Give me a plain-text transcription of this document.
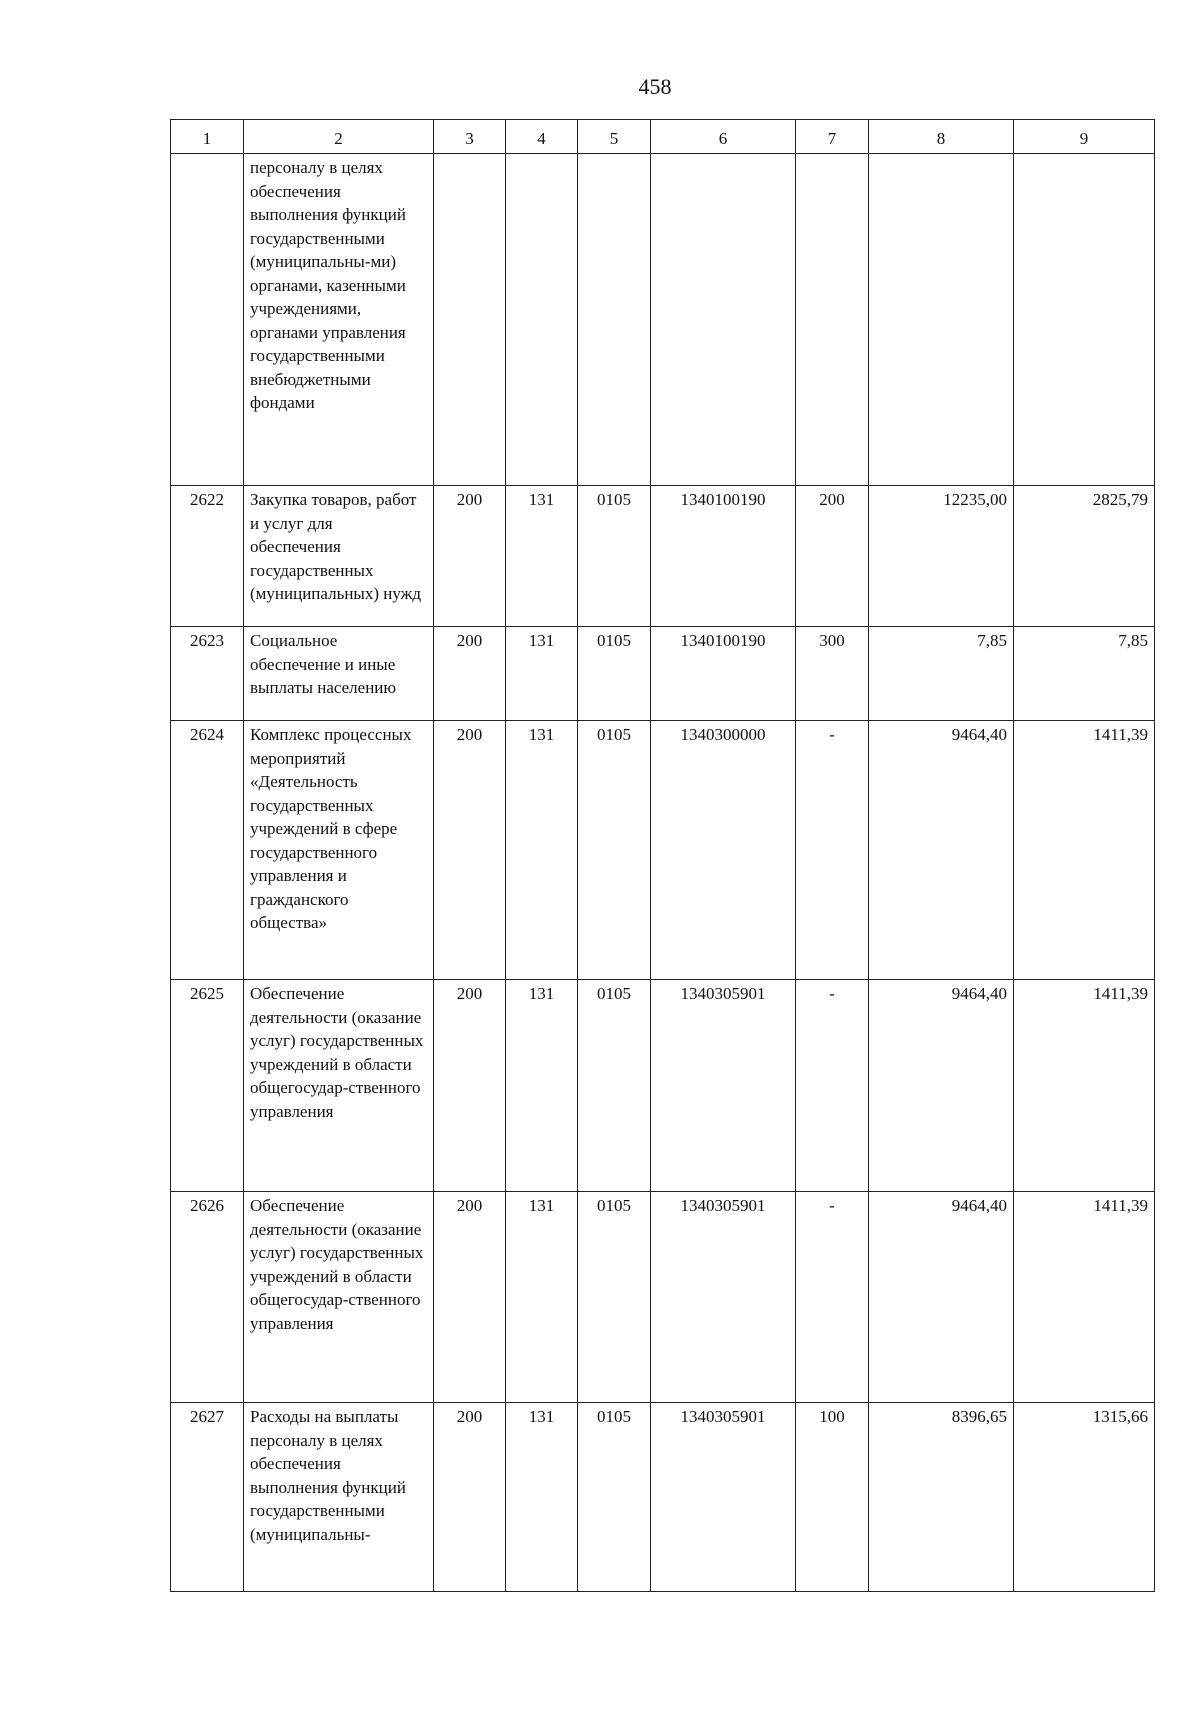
458
1	2	3	4	5	6	7	8	9
	персоналу в целях обеспечения выполнения функций государственными (муниципальны-ми) органами, казенными учреждениями, органами управления государственными внебюджетными фондами							
2622	Закупка товаров, работ и услуг для обеспечения государственных (муниципальных) нужд	200	131	0105	1340100190	200	12235,00	2825,79
2623	Социальное обеспечение и иные выплаты населению	200	131	0105	1340100190	300	7,85	7,85
2624	Комплекс процессных мероприятий «Деятельность государственных учреждений в сфере государственного управления и гражданского общества»	200	131	0105	1340300000	-	9464,40	1411,39
2625	Обеспечение деятельности (оказание услуг) государственных учреждений в области общегосудар-ственного управления	200	131	0105	1340305901	-	9464,40	1411,39
2626	Обеспечение деятельности (оказание услуг) государственных учреждений в области общегосудар-ственного управления	200	131	0105	1340305901	-	9464,40	1411,39
2627	Расходы на выплаты персоналу в целях обеспечения выполнения функций государственными (муниципальны-	200	131	0105	1340305901	100	8396,65	1315,66
